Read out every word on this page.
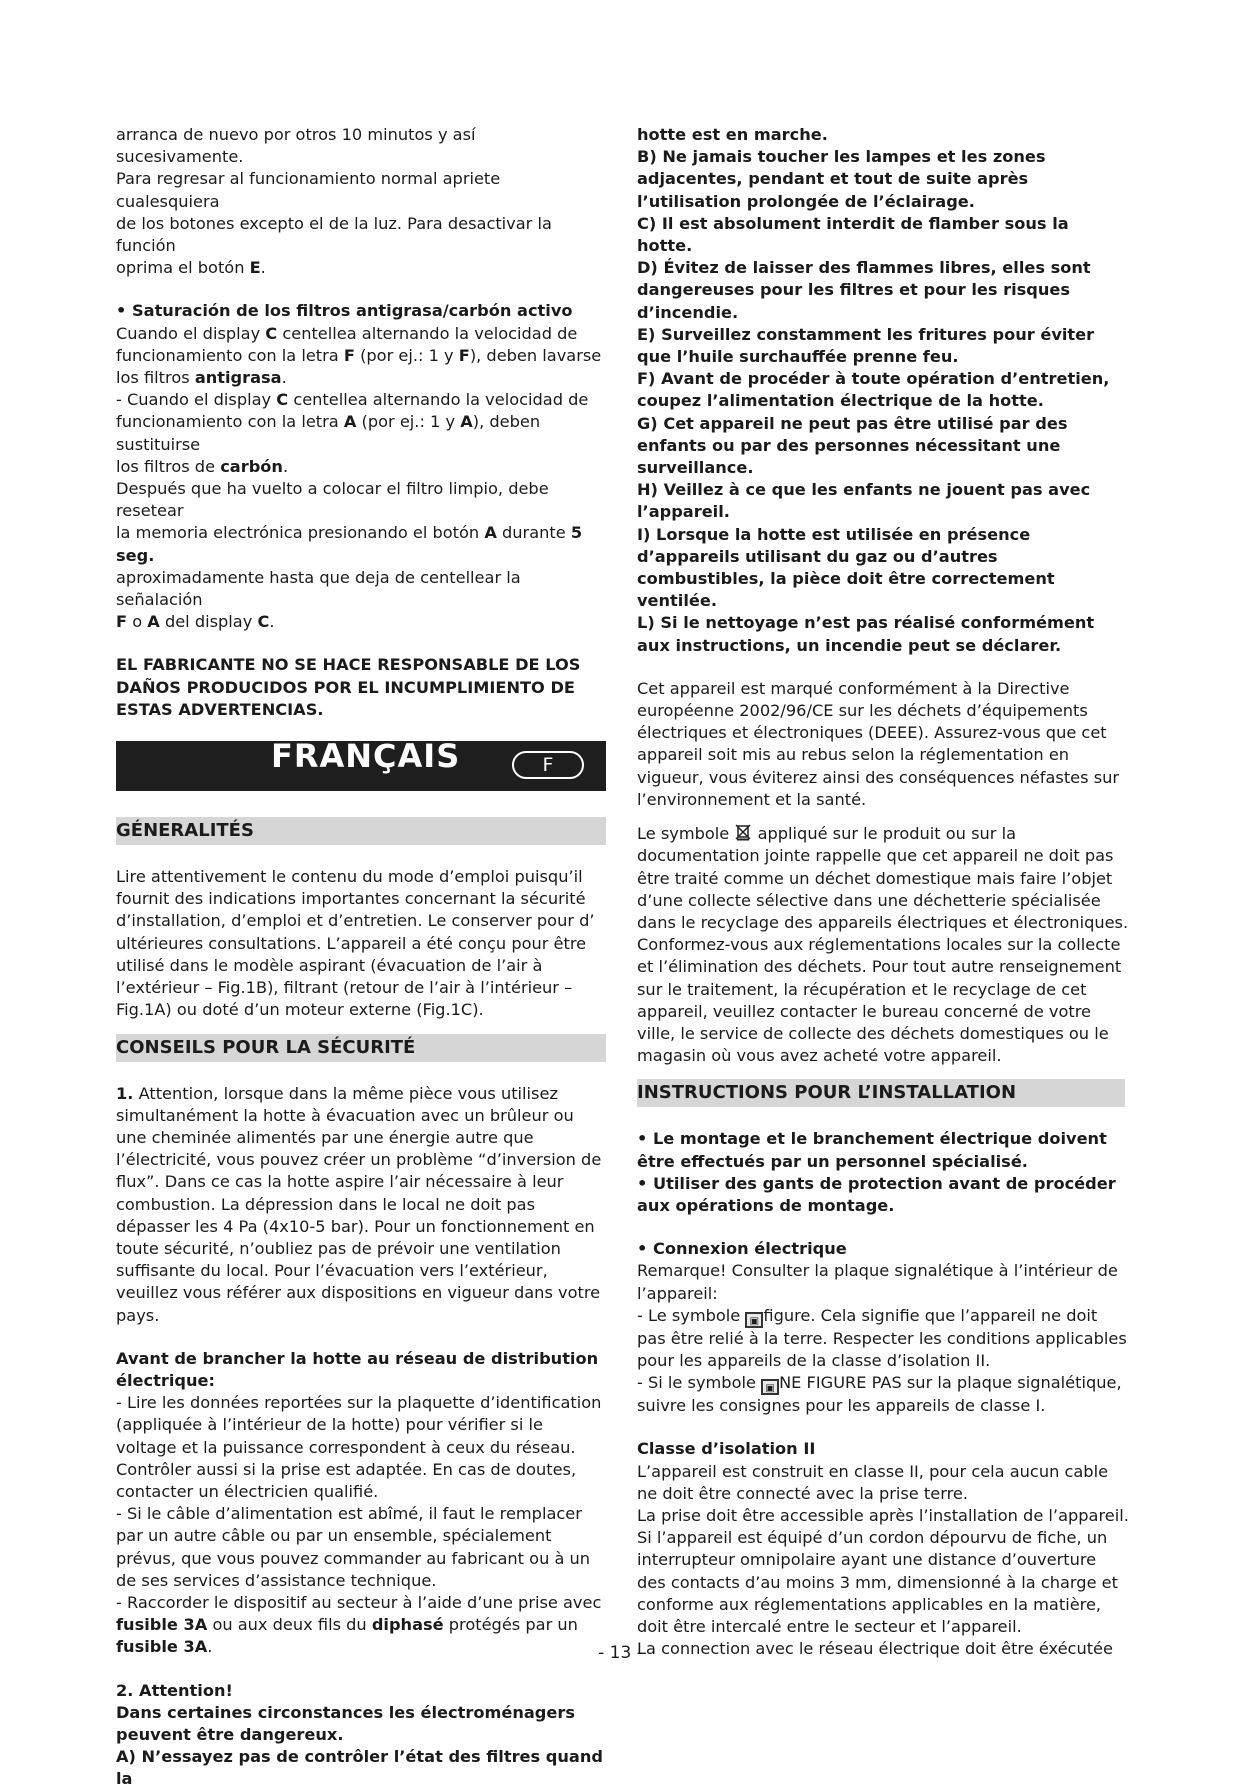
arranca de nuevo por otros 10 minutos y así sucesivamente.
Para regresar al funcionamiento normal apriete cualesquiera
de los botones excepto el de la luz. Para desactivar la función
oprima el botón E.

• Saturación de los filtros antigrasa/carbón activo

Cuando el display C centellea alternando la velocidad de
funcionamiento con la letra F (por ej.: 1 y F), deben lavarse
los filtros antigrasa.
- Cuando el display C centellea alternando la velocidad de
funcionamiento con la letra A (por ej.: 1 y A), deben sustituirse
los filtros de carbón.
Después que ha vuelto a colocar el filtro limpio, debe resetear
la memoria electrónica presionando el botón A durante 5 seg.
aproximadamente hasta que deja de centellear la señalación
F o A del display C.

EL FABRICANTE NO SE HACE RESPONSABLE DE LOS DAÑOS PRODUCIDOS POR EL INCUMPLIMIENTO DE ESTAS ADVERTENCIAS.

FRANÇAIS	F
GÉNERALITÉS

Lire attentivement le contenu du mode d’emploi puisqu’il fournit des indications importantes concernant la sécurité d’installation, d’emploi et d’entretien. Le conserver pour d’ ultérieures consultations. L’appareil a été conçu pour être utilisé dans le modèle aspirant (évacuation de l’air à l’extérieur – Fig.1B), filtrant (retour de l’air à l’intérieur – Fig.1A) ou doté d’un moteur externe (Fig.1C).

CONSEILS POUR LA SÉCURITÉ

1. Attention, lorsque dans la même pièce vous utilisez simultanément la hotte à évacuation avec un brûleur ou une cheminée alimentés par une énergie autre que l’électricité, vous pouvez créer un problème “d’inversion de flux”. Dans ce cas la hotte aspire l’air nécessaire à leur combustion. La dépression dans le local ne doit pas dépasser les 4 Pa (4x10-5 bar). Pour un fonctionnement en toute sécurité, n’oubliez pas de prévoir une ventilation suffisante du local. Pour l’évacuation vers l’extérieur, veuillez vous référer aux dispositions en vigueur dans votre pays.

Avant de brancher la hotte au réseau de distribution électrique:

- Lire les données reportées sur la plaquette d’identification (appliquée à l’intérieur de la hotte) pour vérifier si le voltage et la puissance correspondent à ceux du réseau.

Contrôler aussi si la prise est adaptée. En cas de doutes, contacter un électricien qualifié.

- Si le câble d’alimentation est abîmé, il faut le remplacer par un autre câble ou par un ensemble, spécialement prévus, que vous pouvez commander au fabricant ou à un de ses services d’assistance technique.

- Raccorder le dispositif au secteur à l’aide d’une prise avec fusible 3A ou aux deux fils du diphasé protégés par un fusible 3A.

2. Attention!

Dans certaines circonstances les électroménagers peuvent être dangereux.

A) N’essayez pas de contrôler l’état des filtres quand la

hotte est en marche.

B) Ne jamais toucher les lampes et les zones adjacentes, pendant et tout de suite après l’utilisation prolongée de l’éclairage.

C) Il est absolument interdit de flamber sous la hotte.

D) Évitez de laisser des flammes libres, elles sont dangereuses pour les filtres et pour les risques d’incendie.

E) Surveillez constamment les fritures pour éviter que l’huile surchauffée prenne feu.

F) Avant de procéder à toute opération d’entretien, coupez l’alimentation électrique de la hotte.

G) Cet appareil ne peut pas être utilisé par des enfants ou par des personnes nécessitant une surveillance.

H) Veillez à ce que les enfants ne jouent pas avec l’appareil.

I) Lorsque la hotte est utilisée en présence d’appareils utilisant du gaz ou d’autres combustibles, la pièce doit être correctement ventilée.

L) Si le nettoyage n’est pas réalisé conformément aux instructions, un incendie peut se déclarer.

Cet appareil est marqué conformément à la Directive européenne 2002/96/CE sur les déchets d’équipements électriques et électroniques (DEEE). Assurez-vous que cet appareil soit mis au rebus selon la réglementation en vigueur, vous éviterez ainsi des conséquences néfastes sur l’environnement et la santé.

Le symbole appliqué sur le produit ou sur la documentation jointe rappelle que cet appareil ne doit pas être traité comme un déchet domestique mais faire l’objet d’une collecte sélective dans une déchetterie spécialisée dans le recyclage des appareils électriques et électroniques. Conformez-vous aux réglementations locales sur la collecte et l’élimination des déchets. Pour tout autre renseignement sur le traitement, la récupération et le recyclage de cet appareil, veuillez contacter le bureau concerné de votre ville, le service de collecte des déchets domestiques ou le magasin où vous avez acheté votre appareil.

INSTRUCTIONS POUR L’INSTALLATION

• Le montage et le branchement électrique doivent être effectués par un personnel spécialisé.

• Utiliser des gants de protection avant de procéder aux opérations de montage.

• Connexion électrique

Remarque! Consulter la plaque signalétique à l’intérieur de l’appareil:

- Le symbole ▣ figure. Cela signifie que l’appareil ne doit pas être relié à la terre. Respecter les conditions applicables pour les appareils de la classe d’isolation II.

- Si le symbole ▣ NE FIGURE PAS sur la plaque signalétique, suivre les consignes pour les appareils de classe I.

Classe d’isolation II

L’appareil est construit en classe II, pour cela aucun cable ne doit être connecté avec la prise terre.

La prise doit être accessible après l’installation de l’appareil. Si l’appareil est équipé d’un cordon dépourvu de fiche, un interrupteur omnipolaire ayant une distance d’ouverture des contacts d’au moins 3 mm, dimensionné à la charge et conforme aux réglementations applicables en la matière, doit être intercalé entre le secteur et l’appareil.

La connection avec le réseau électrique doit être éxécutée

- 13 -
